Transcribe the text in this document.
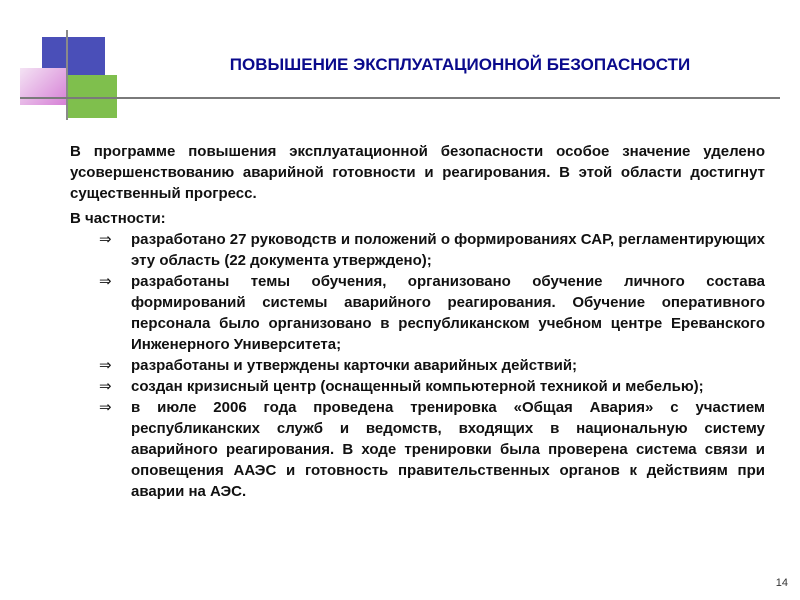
ПОВЫШЕНИЕ ЭКСПЛУАТАЦИОННОЙ БЕЗОПАСНОСТИ

В программе повышения эксплуатационной безопасности особое значение уделено усовершенствованию аварийной готовности и реагирования. В этой области достигнут существенный прогресс.

В частности:

⇒	разработано 27 руководств и положений о формированиях САР, регламентирующих эту область (22 документа утверждено);
⇒	разработаны темы обучения, организовано обучение личного состава формирований системы аварийного реагирования. Обучение оперативного персонала было организовано в республиканском учебном центре Ереванского Инженерного Университета;
⇒	разработаны и утверждены карточки аварийных действий;
⇒	создан кризисный центр (оснащенный компьютерной техникой и мебелью);
⇒	в июле 2006 года проведена тренировка «Общая Авария» с участием республиканских служб и ведомств, входящих в национальную систему аварийного реагирования. В ходе тренировки была проверена система связи и оповещения ААЭС и готовность правительственных органов к действиям при аварии на АЭС.
14
